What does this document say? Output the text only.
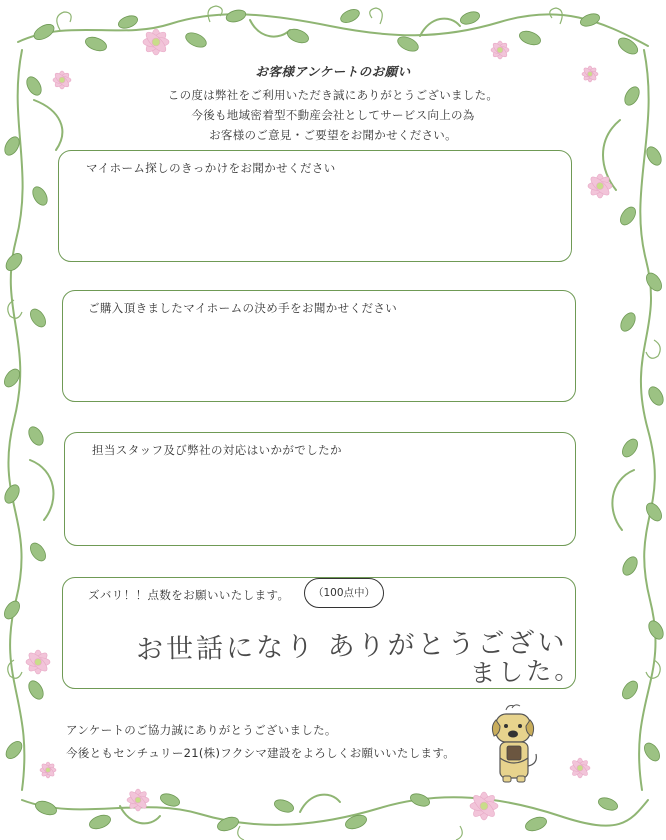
お客様アンケートのお願い
この度は弊社をご利用いただき誠にありがとうございました。
今後も地域密着型不動産会社としてサービス向上の為
お客様のご意見・ご要望をお聞かせください。
マイホーム探しのきっかけをお聞かせください
ご購入頂きましたマイホームの決め手をお聞かせください
担当スタッフ及び弊社の対応はいかがでしたか
ズバリ！！点数をお願いいたします。	（100点中）
お世話になり ありがとうござい
ました。
アンケートのご協力誠にありがとうございました。
今後ともセンチュリー21(株)フクシマ建設をよろしくお願いいたします。
